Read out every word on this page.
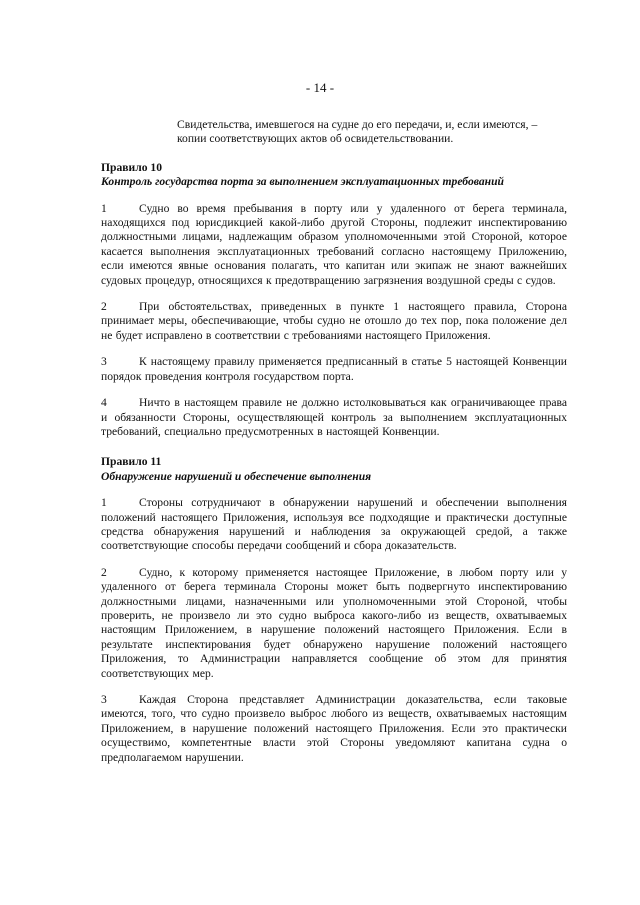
- 14 -

Свидетельства, имевшегося на судне до его передачи, и, если имеются, – копии соответствующих актов об освидетельствовании.

Правило 10
Контроль государства порта за выполнением эксплуатационных требований

1	Судно во время пребывания в порту или у удаленного от берега терминала, находящихся под юрисдикцией какой-либо другой Стороны, подлежит инспектированию должностными лицами, надлежащим образом уполномоченными этой Стороной, которое касается выполнения эксплуатационных требований согласно настоящему Приложению, если имеются явные основания полагать, что капитан или экипаж не знают важнейших судовых процедур, относящихся к предотвращению загрязнения воздушной среды с судов.

2	При обстоятельствах, приведенных в пункте 1 настоящего правила, Сторона принимает меры, обеспечивающие, чтобы судно не отошло до тех пор, пока положение дел не будет исправлено в соответствии с требованиями настоящего Приложения.

3	К настоящему правилу применяется предписанный в статье 5 настоящей Конвенции порядок проведения контроля государством порта.

4	Ничто в настоящем правиле не должно истолковываться как ограничивающее права и обязанности Стороны, осуществляющей контроль за выполнением эксплуатационных требований, специально предусмотренных в настоящей Конвенции.

Правило 11
Обнаружение нарушений и обеспечение выполнения

1	Стороны сотрудничают в обнаружении нарушений и обеспечении выполнения положений настоящего Приложения, используя все подходящие и практически доступные средства обнаружения нарушений и наблюдения за окружающей средой, а также соответствующие способы передачи сообщений и сбора доказательств.

2	Судно, к которому применяется настоящее Приложение, в любом порту или у удаленного от берега терминала Стороны может быть подвергнуто инспектированию должностными лицами, назначенными или уполномоченными этой Стороной, чтобы проверить, не произвело ли это судно выброса какого-либо из веществ, охватываемых настоящим Приложением, в нарушение положений настоящего Приложения. Если в результате инспектирования будет обнаружено нарушение положений настоящего Приложения, то Администрации направляется сообщение об этом для принятия соответствующих мер.

3	Каждая Сторона представляет Администрации доказательства, если таковые имеются, того, что судно произвело выброс любого из веществ, охватываемых настоящим Приложением, в нарушение положений настоящего Приложения. Если это практически осуществимо, компетентные власти этой Стороны уведомляют капитана судна о предполагаемом нарушении.
